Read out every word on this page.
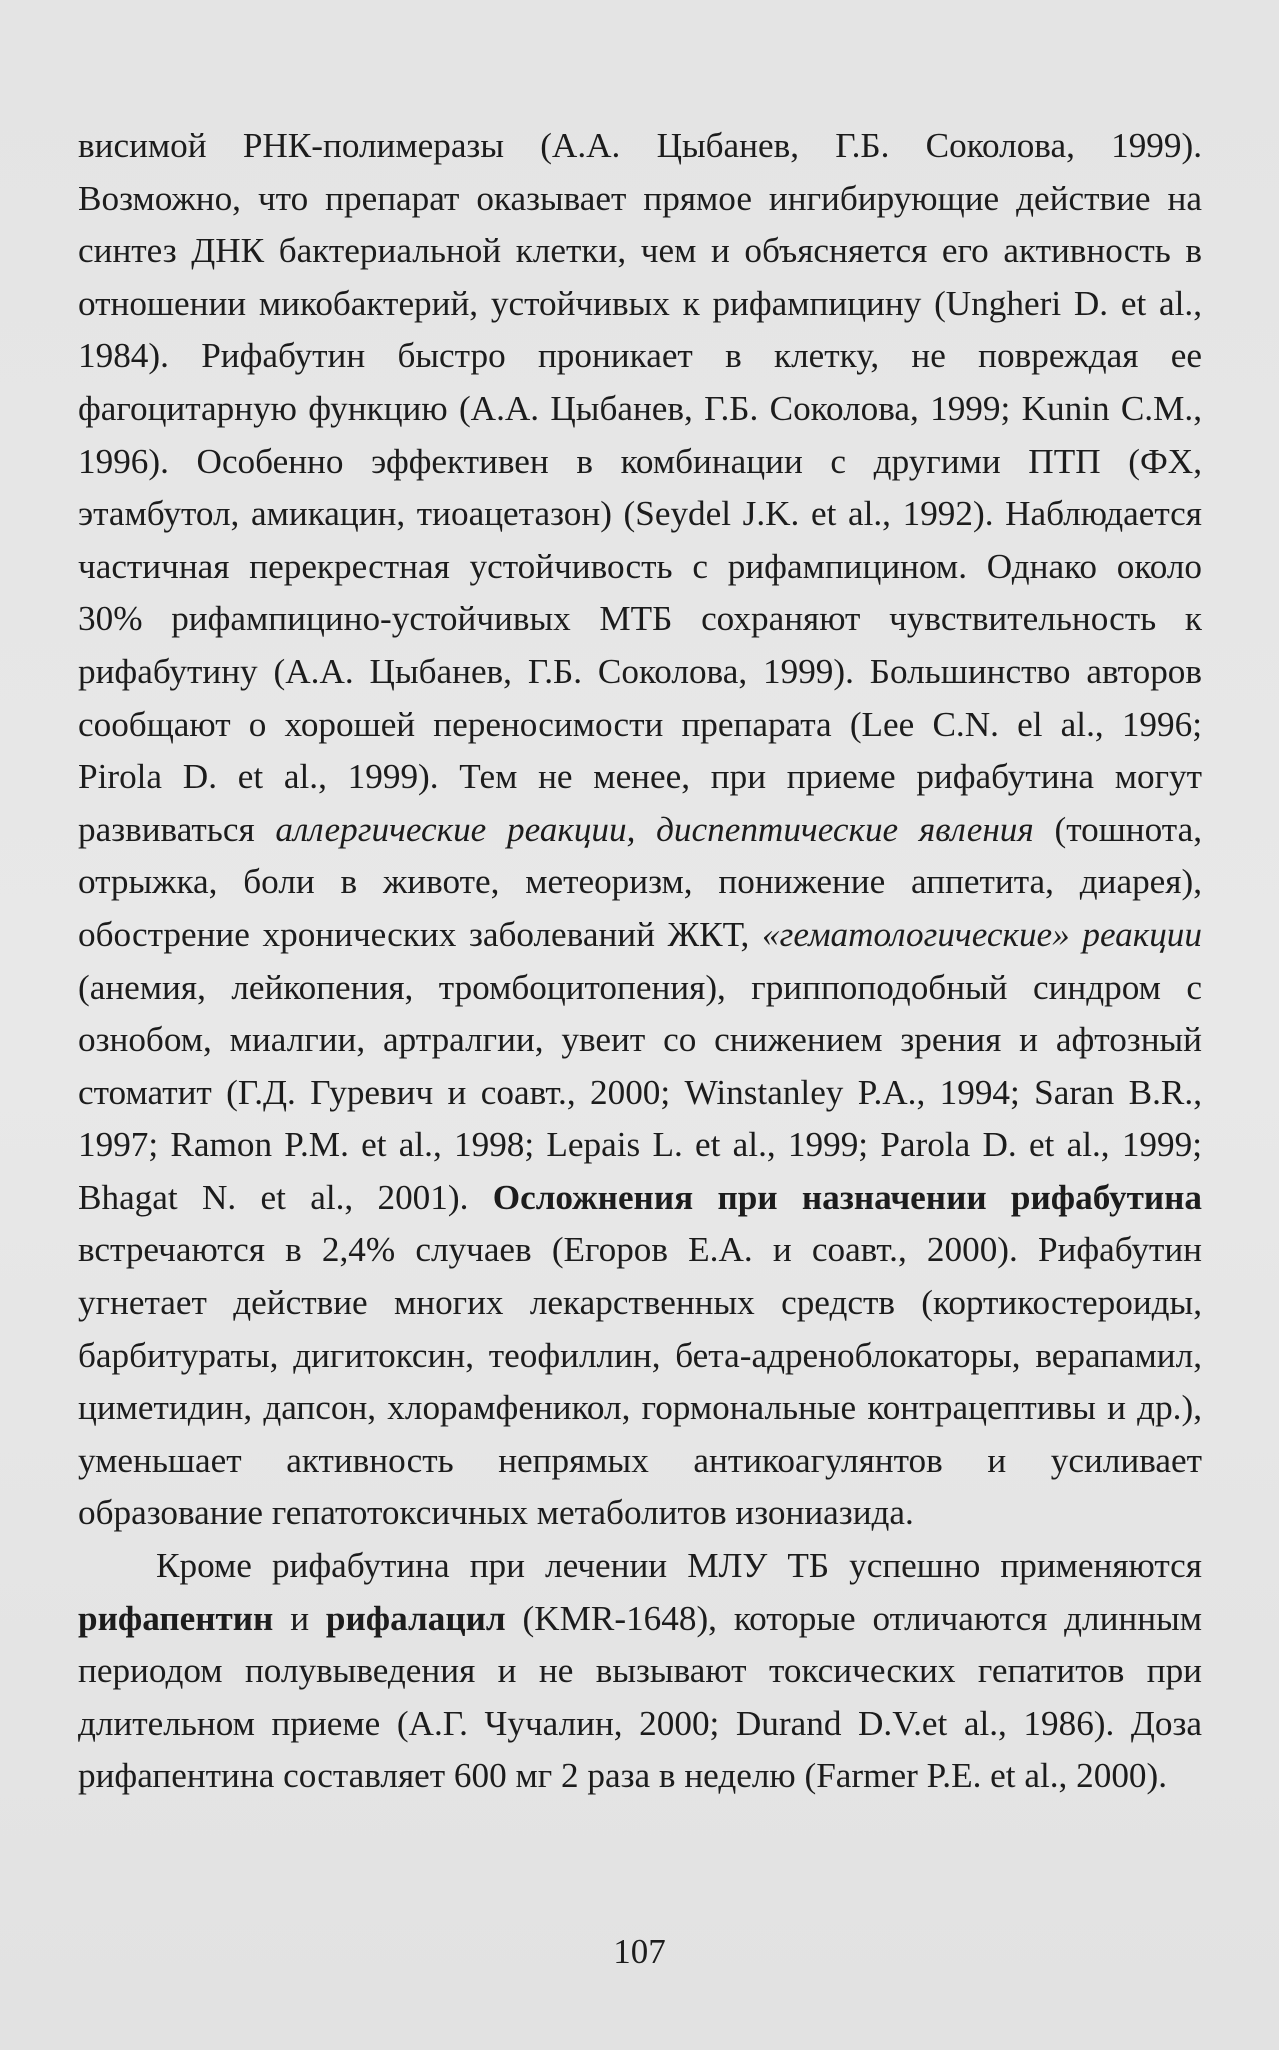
висимой РНК-полимеразы (А.А. Цыбанев, Г.Б. Соколова, 1999). Возможно, что препарат оказывает прямое ингибирующие действие на синтез ДНК бактериальной клетки, чем и объясняется его активность в отношении микобактерий, устойчивых к рифампицину (Ungheri D. et al., 1984). Рифабутин быстро проникает в клетку, не повреждая ее фагоцитарную функцию (А.А. Цыбанев, Г.Б. Соколова, 1999; Kunin С.М., 1996). Особенно эффективен в комбинации с другими ПТП (ФХ, этамбутол, амикацин, тиоацетазон) (Seydel J.K. et al., 1992). Наблюдается частичная перекрестная устойчивость с рифампицином. Однако около 30% рифампицино-устойчивых МТБ сохраняют чувствительность к рифабутину (А.А. Цыбанев, Г.Б. Соколова, 1999). Большинство авторов сообщают о хорошей переносимости препарата (Lee C.N. el al., 1996; Pirola D. et al., 1999). Тем не менее, при приеме рифабутина могут развиваться аллергические реакции, диспептические явления (тошнота, отрыжка, боли в животе, метеоризм, понижение аппетита, диарея), обострение хронических заболеваний ЖКТ, «гематологические» реакции (анемия, лейкопения, тромбоцитопения), гриппоподобный синдром с ознобом, миалгии, артралгии, увеит со снижением зрения и афтозный стоматит (Г.Д. Гуревич и соавт., 2000; Winstanley P.A., 1994; Saran B.R., 1997; Ramon P.M. et al., 1998; Lepais L. et al., 1999; Parola D. et al., 1999; Bhagat N. et al., 2001). Осложнения при назначении рифабутина встречаются в 2,4% случаев (Егоров Е.А. и соавт., 2000). Рифабутин угнетает действие многих лекарственных средств (кортикостероиды, барбитураты, дигитоксин, теофиллин, бета-адреноблокаторы, верапамил, циметидин, дапсон, хлорамфеникол, гормональные контрацептивы и др.), уменьшает активность непрямых антикоагулянтов и усиливает образование гепатотоксичных метаболитов изониазида.

Кроме рифабутина при лечении МЛУ ТБ успешно применяются рифапентин и рифалацил (KMR-1648), которые отличаются длинным периодом полувыведения и не вызывают токсических гепатитов при длительном приеме (А.Г. Чучалин, 2000; Durand D.V.et al., 1986). Доза рифапентина составляет 600 мг 2 раза в неделю (Farmer P.E. et al., 2000).

107
